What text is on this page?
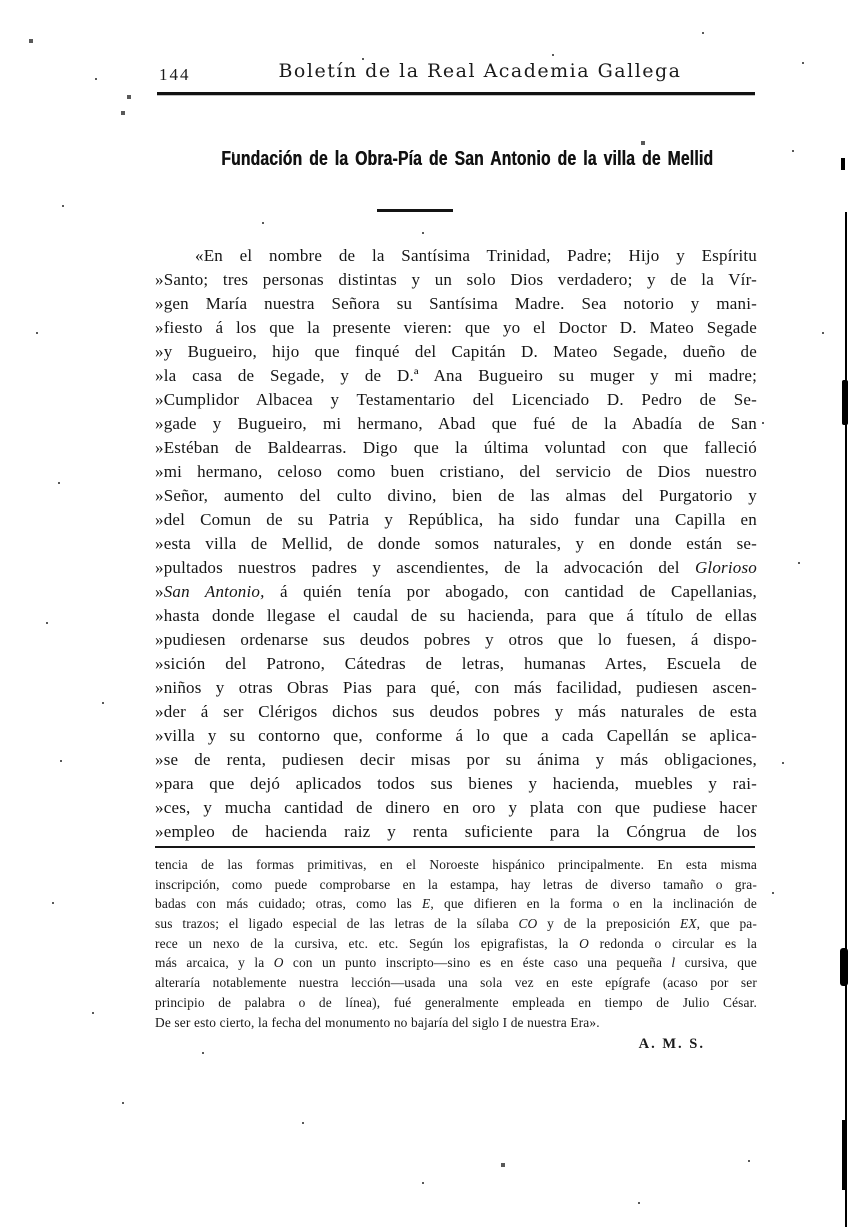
144	Boletín de la Real Academia Gallega
Fundación de la Obra-Pía de San Antonio de la villa de Mellid
«En el nombre de la Santísima Trinidad, Padre; Hijo y Espíritu
»Santo; tres personas distintas y un solo Dios verdadero; y de la Vír-
»gen María nuestra Señora su Santísima Madre. Sea notorio y mani-
»fiesto á los que la presente vieren: que yo el Doctor D. Mateo Segade
»y Bugueiro, hijo que finqué del Capitán D. Mateo Segade, dueño de
»la casa de Segade, y de D.ª Ana Bugueiro su muger y mi madre;
»Cumplidor Albacea y Testamentario del Licenciado D. Pedro de Se-
»gade y Bugueiro, mi hermano, Abad que fué de la Abadía de San
»Estéban de Baldearras. Digo que la última voluntad con que falleció
»mi hermano, celoso como buen cristiano, del servicio de Dios nuestro
»Señor, aumento del culto divino, bien de las almas del Purgatorio y
»del Comun de su Patria y República, ha sido fundar una Capilla en
»esta villa de Mellid, de donde somos naturales, y en donde están se-
»pultados nuestros padres y ascendientes, de la advocación del Glorioso
»San Antonio, á quién tenía por abogado, con cantidad de Capellanias,
»hasta donde llegase el caudal de su hacienda, para que á título de ellas
»pudiesen ordenarse sus deudos pobres y otros que lo fuesen, á dispo-
»sición del Patrono, Cátedras de letras, humanas Artes, Escuela de
»niños y otras Obras Pias para qué, con más facilidad, pudiesen ascen-
»der á ser Clérigos dichos sus deudos pobres y más naturales de esta
»villa y su contorno que, conforme á lo que a cada Capellán se aplica-
»se de renta, pudiesen decir misas por su ánima y más obligaciones,
»para que dejó aplicados todos sus bienes y hacienda, muebles y rai-
»ces, y mucha cantidad de dinero en oro y plata con que pudiese hacer
»empleo de hacienda raiz y renta suficiente para la Cóngrua de los
tencia de las formas primitivas, en el Noroeste hispánico principalmente. En esta misma
inscripción, como puede comprobarse en la estampa, hay letras de diverso tamaño o gra-
badas con más cuidado; otras, como las E, que difieren en la forma o en la inclinación de
sus trazos; el ligado especial de las letras de la sílaba CO y de la preposición EX, que pa-
rece un nexo de la cursiva, etc. etc. Según los epigrafistas, la O redonda o circular es la
más arcaica, y la O con un punto inscripto—sino es en éste caso una pequeña l cursiva, que
alteraría notablemente nuestra lección—usada una sola vez en este epígrafe (acaso por ser
principio de palabra o de línea), fué generalmente empleada en tiempo de Julio César.
De ser esto cierto, la fecha del monumento no bajaría del siglo I de nuestra Era».
A. M. S.
